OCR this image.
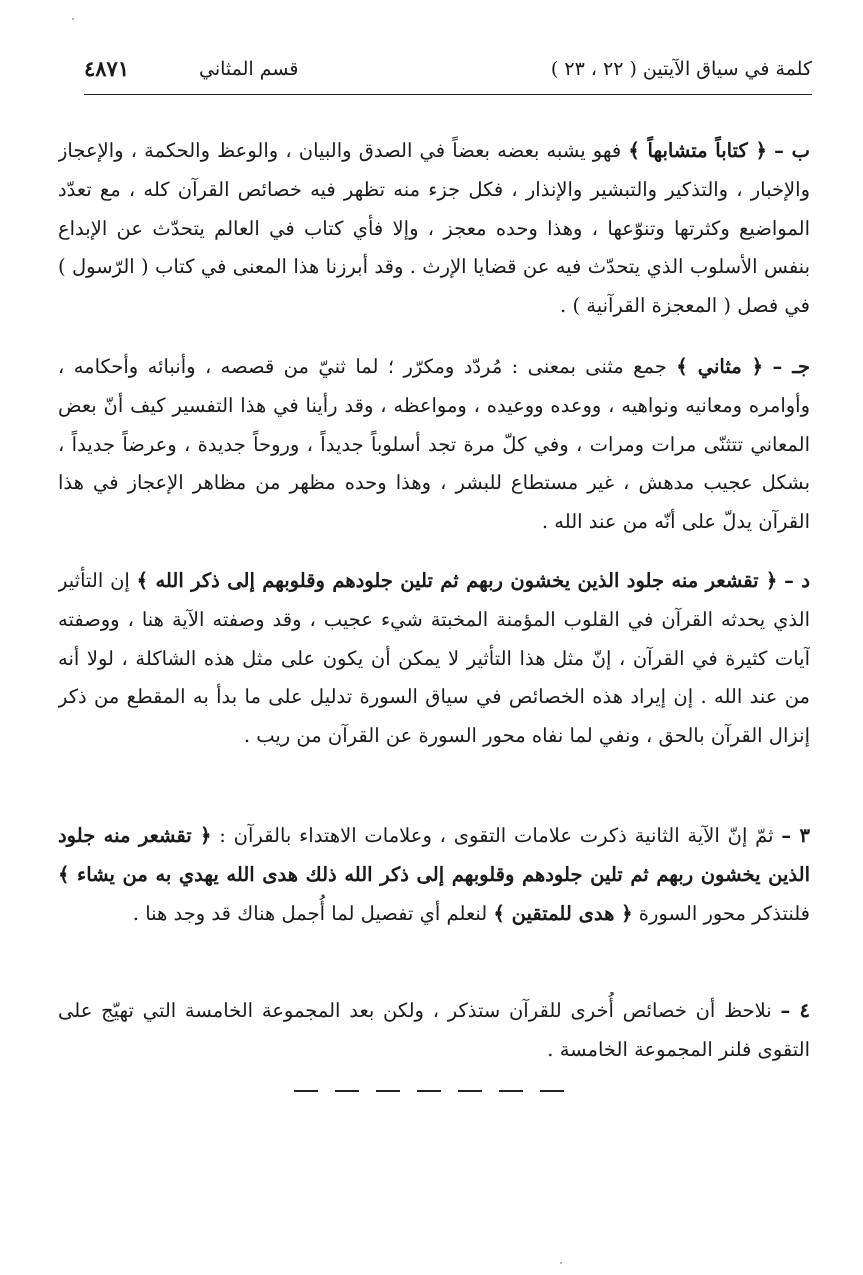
كلمة في سياق الآيتين ( ٢٢ ، ٢٣ )
قسم المثاني
٤٨٧١

ب – ﴿ كتاباً متشابهاً ﴾ فهو يشبه بعضه بعضاً في الصدق والبيان ، والوعظ والحكمة ، والإعجاز والإخبار ، والتذكير والتبشير والإنذار ، فكل جزء منه تظهر فيه خصائص القرآن كله ، مع تعدّد المواضيع وكثرتها وتنوّعها ، وهذا وحده معجز ، وإلا فأي كتاب في العالم يتحدّث عن الإبداع بنفس الأسلوب الذي يتحدّث فيه عن قضايا الإرث . وقد أبرزنا هذا المعنى في كتاب ( الرّسول ) في فصل ( المعجزة القرآنية ) .

جـ – ﴿ مثاني ﴾ جمع مثنى بمعنى : مُردّد ومكرّر ؛ لما ثنيّ من قصصه ، وأنبائه وأحكامه ، وأوامره ومعانيه ونواهيه ، ووعده ووعيده ، ومواعظه ، وقد رأينا في هذا التفسير كيف أنّ بعض المعاني تتثنّى مرات ومرات ، وفي كلّ مرة تجد أسلوباً جديداً ، وروحاً جديدة ، وعرضاً جديداً ، بشكل عجيب مدهش ، غير مستطاع للبشر ، وهذا وحده مظهر من مظاهر الإعجاز في هذا القرآن يدلّ على أنّه من عند الله .

د – ﴿ تقشعر منه جلود الذين يخشون ربهم ثم تلين جلودهم وقلوبهم إلى ذكر الله ﴾ إن التأثير الذي يحدثه القرآن في القلوب المؤمنة المخبتة شيء عجيب ، وقد وصفته الآية هنا ، ووصفته آيات كثيرة في القرآن ، إنّ مثل هذا التأثير لا يمكن أن يكون على مثل هذه الشاكلة ، لولا أنه من عند الله . إن إيراد هذه الخصائص في سياق السورة تدليل على ما بدأ به المقطع من ذكر إنزال القرآن بالحق ، ونفي لما نفاه محور السورة عن القرآن من ريب .

٣ – ثمّ إنّ الآية الثانية ذكرت علامات التقوى ، وعلامات الاهتداء بالقرآن : ﴿ تقشعر منه جلود الذين يخشون ربهم ثم تلين جلودهم وقلوبهم إلى ذكر الله ذلك هدى الله يهدي به من يشاء ﴾ فلنتذكر محور السورة ﴿ هدى للمتقين ﴾ لنعلم أي تفصيل لما أُجمل هناك قد وجد هنا .

٤ – نلاحظ أن خصائص أُخرى للقرآن ستذكر ، ولكن بعد المجموعة الخامسة التي تهيّج على التقوى فلنر المجموعة الخامسة .
